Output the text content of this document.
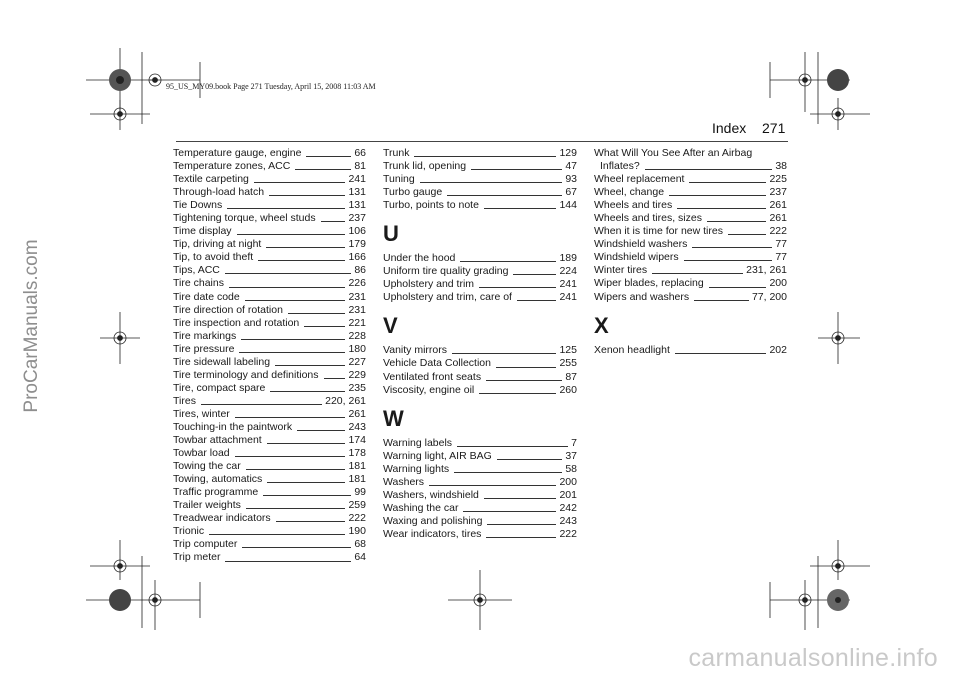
95_US_MY09.book Page 271 Tuesday, April 15, 2008 11:03 AM
Index 271
Temperature gauge, engine	66
Temperature zones, ACC	81
Textile carpeting	241
Through-load hatch	131
Tie Downs	131
Tightening torque, wheel studs	237
Time display	106
Tip, driving at night	179
Tip, to avoid theft	166
Tips, ACC	86
Tire chains	226
Tire date code	231
Tire direction of rotation	231
Tire inspection and rotation	221
Tire markings	228
Tire pressure	180
Tire sidewall labeling	227
Tire terminology and definitions	229
Tire, compact spare	235
Tires	220, 261
Tires, winter	261
Touching-in the paintwork	243
Towbar attachment	174
Towbar load	178
Towing the car	181
Towing, automatics	181
Traffic programme	99
Trailer weights	259
Treadwear indicators	222
Trionic	190
Trip computer	68
Trip meter	64
Trunk	129
Trunk lid, opening	47
Tuning	93
Turbo gauge	67
Turbo, points to note	144
U
Under the hood	189
Uniform tire quality grading	224
Upholstery and trim	241
Upholstery and trim, care of	241
V
Vanity mirrors	125
Vehicle Data Collection	255
Ventilated front seats	87
Viscosity, engine oil	260
W
Warning labels	7
Warning light, AIR BAG	37
Warning lights	58
Washers	200
Washers, windshield	201
Washing the car	242
Waxing and polishing	243
Wear indicators, tires	222
What Will You See After an Airbag
Inflates?	38
Wheel replacement	225
Wheel, change	237
Wheels and tires	261
Wheels and tires, sizes	261
When it is time for new tires	222
Windshield washers	77
Windshield wipers	77
Winter tires	231, 261
Wiper blades, replacing	200
Wipers and washers	77, 200
X
Xenon headlight	202
ProCarManuals.com
carmanualsonline.info
